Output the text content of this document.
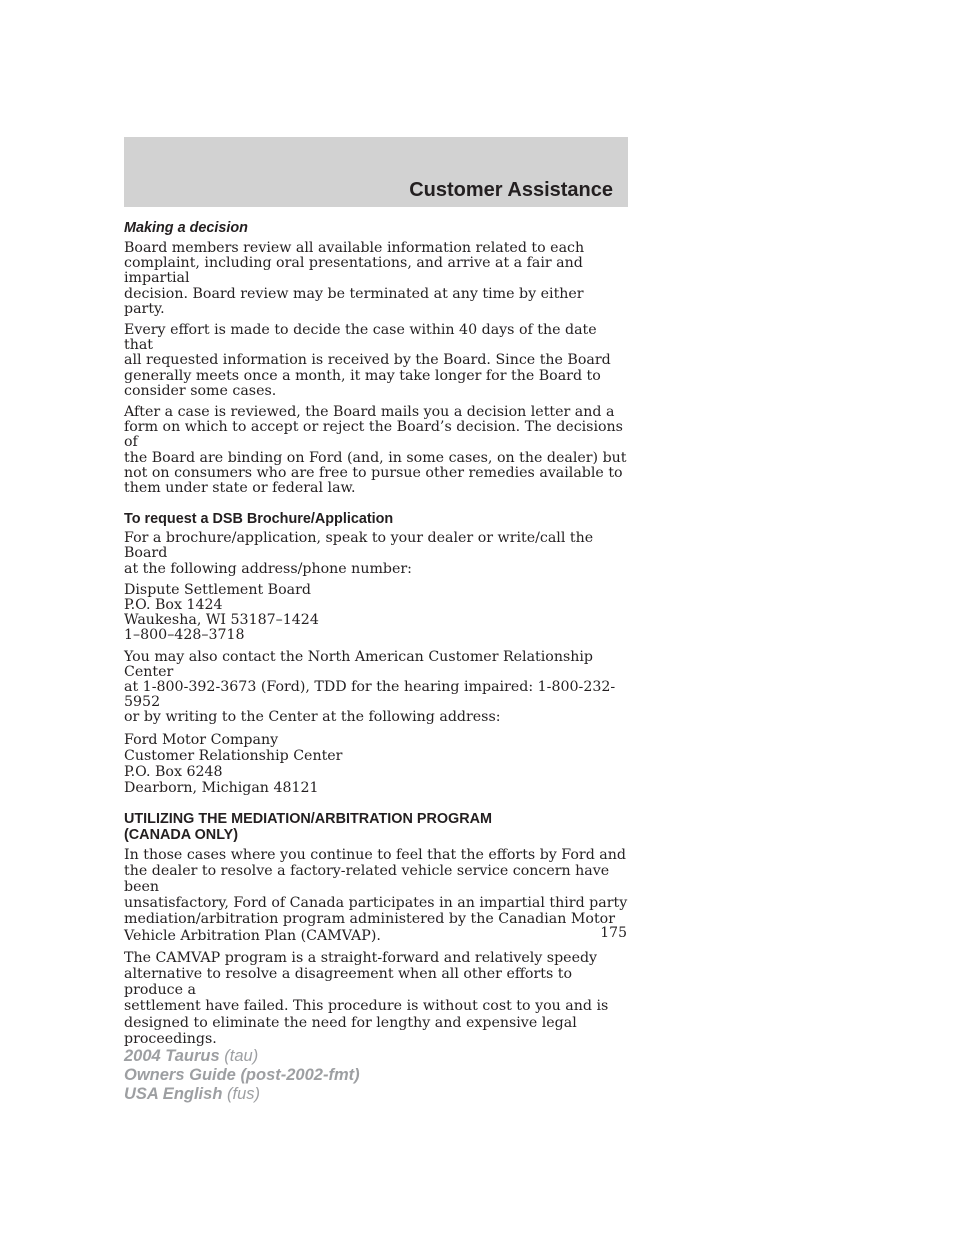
Customer Assistance
Making a decision

Board members review all available information related to each
complaint, including oral presentations, and arrive at a fair and impartial
decision. Board review may be terminated at any time by either party.

Every effort is made to decide the case within 40 days of the date that
all requested information is received by the Board. Since the Board
generally meets once a month, it may take longer for the Board to
consider some cases.

After a case is reviewed, the Board mails you a decision letter and a
form on which to accept or reject the Board’s decision. The decisions of
the Board are binding on Ford (and, in some cases, on the dealer) but
not on consumers who are free to pursue other remedies available to
them under state or federal law.

To request a DSB Brochure/Application

For a brochure/application, speak to your dealer or write/call the Board
at the following address/phone number:

Dispute Settlement Board
P.O. Box 1424
Waukesha, WI 53187–1424
1–800–428–3718

You may also contact the North American Customer Relationship Center
at 1-800-392-3673 (Ford), TDD for the hearing impaired: 1-800-232-5952
or by writing to the Center at the following address:

Ford Motor Company
Customer Relationship Center
P.O. Box 6248
Dearborn, Michigan 48121
UTILIZING THE MEDIATION/ARBITRATION PROGRAM
(CANADA ONLY)

In those cases where you continue to feel that the efforts by Ford and
the dealer to resolve a factory-related vehicle service concern have been
unsatisfactory, Ford of Canada participates in an impartial third party
mediation/arbitration program administered by the Canadian Motor
Vehicle Arbitration Plan (CAMVAP).

The CAMVAP program is a straight-forward and relatively speedy
alternative to resolve a disagreement when all other efforts to produce a
settlement have failed. This procedure is without cost to you and is
designed to eliminate the need for lengthy and expensive legal
proceedings.

175
2004 Taurus (tau)
Owners Guide (post-2002-fmt)
USA English (fus)
